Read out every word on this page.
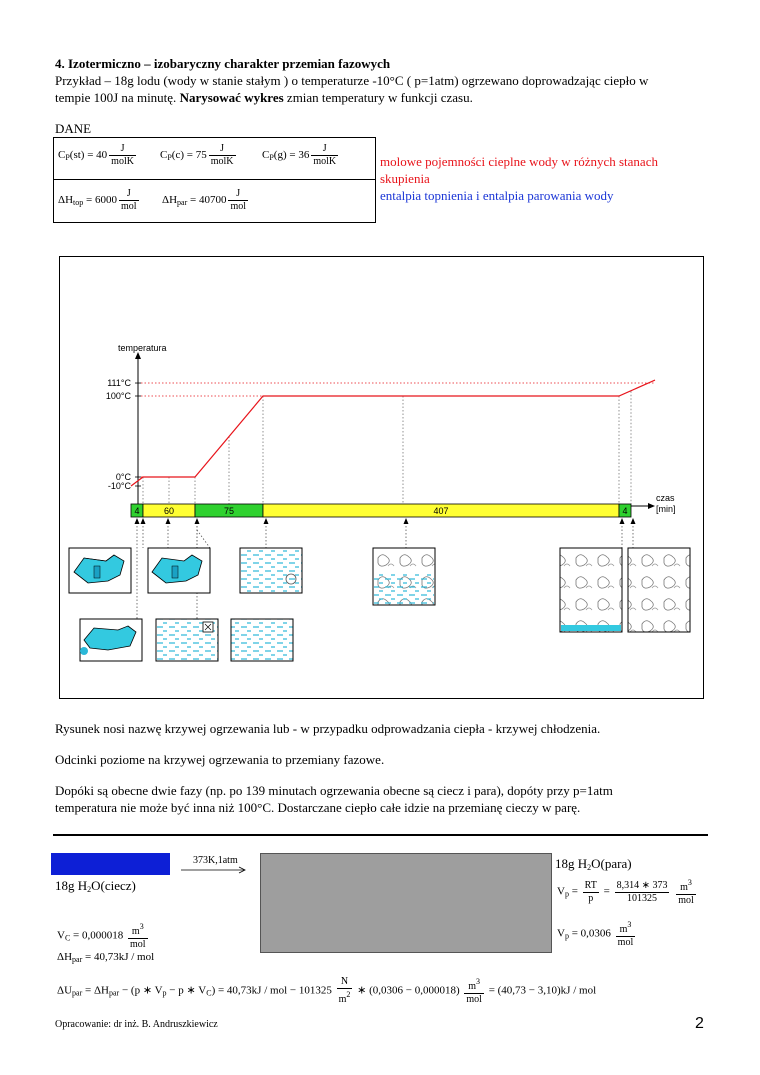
4. Izotermiczno – izobaryczny charakter przemian fazowych
Przykład – 18g lodu (wody w stanie stałym ) o temperaturze -10°C ( p=1atm) ogrzewano doprowadzając ciepło w
tempie 100J na minutę. Narysować wykres zmian temperatury w funkcji czasu.
DANE
$C_P(st) = 40 \frac{J}{\text{molK}} C_P(c) = 75 \frac{J}{\text{molK}} C_P(g) = 36 \frac{J}{\text{molK}}$
$\Delta H_{top} = 6000 \frac{J}{\text{mol}} \Delta H_{par} = 40700 \frac{J}{\text{mol}}$
molowe pojemności cieplne wody w różnych stanach
skupienia
entalpia topnienia i entalpia parowania wody
temperatura
czas
[min]
111°C
100°C
0°C
-10°C
4	60	75	407	4
Rysunek nosi nazwę krzywej ogrzewania lub - w przypadku odprowadzania ciepła - krzywej chłodzenia.
Odcinki poziome na krzywej ogrzewania to przemiany fazowe.
Dopóki są obecne dwie fazy (np. po 139 minutach ogrzewania obecne są ciecz i para), dopóty przy p=1atm
temperatura nie może być inna niż 100°C. Dostarczane ciepło całe idzie na przemianę cieczy w parę.
373K,1atm
18g $H_2O(ciecz)$
18g $H_2O(para)$
$V_p = \frac{RT}{p} = \frac{8,314 ∗ 373}{101325}$
$\frac{m^3}{\text{mol}}$
$V_p = 0,0306 \frac{m^3}{\text{mol}}$
$V_C = 0,000018 \frac{m^3}{\text{mol}}$
$\Delta H_{par} = 40,73kJ$ / mol
$\Delta U_{par} = \Delta H_{par} - (p$ ∗ $V_p - p$ ∗ $V_C) = 40,73kJ$ / mol − $101325 \frac{N}{m^2}$ ∗ $(0,0306 - 0,000018) \frac{m^3}{\text{mol}} = (40,73 - 3,10)kJ$ / mol
Opracowanie: dr inż. B. Andruszkiewicz	2
